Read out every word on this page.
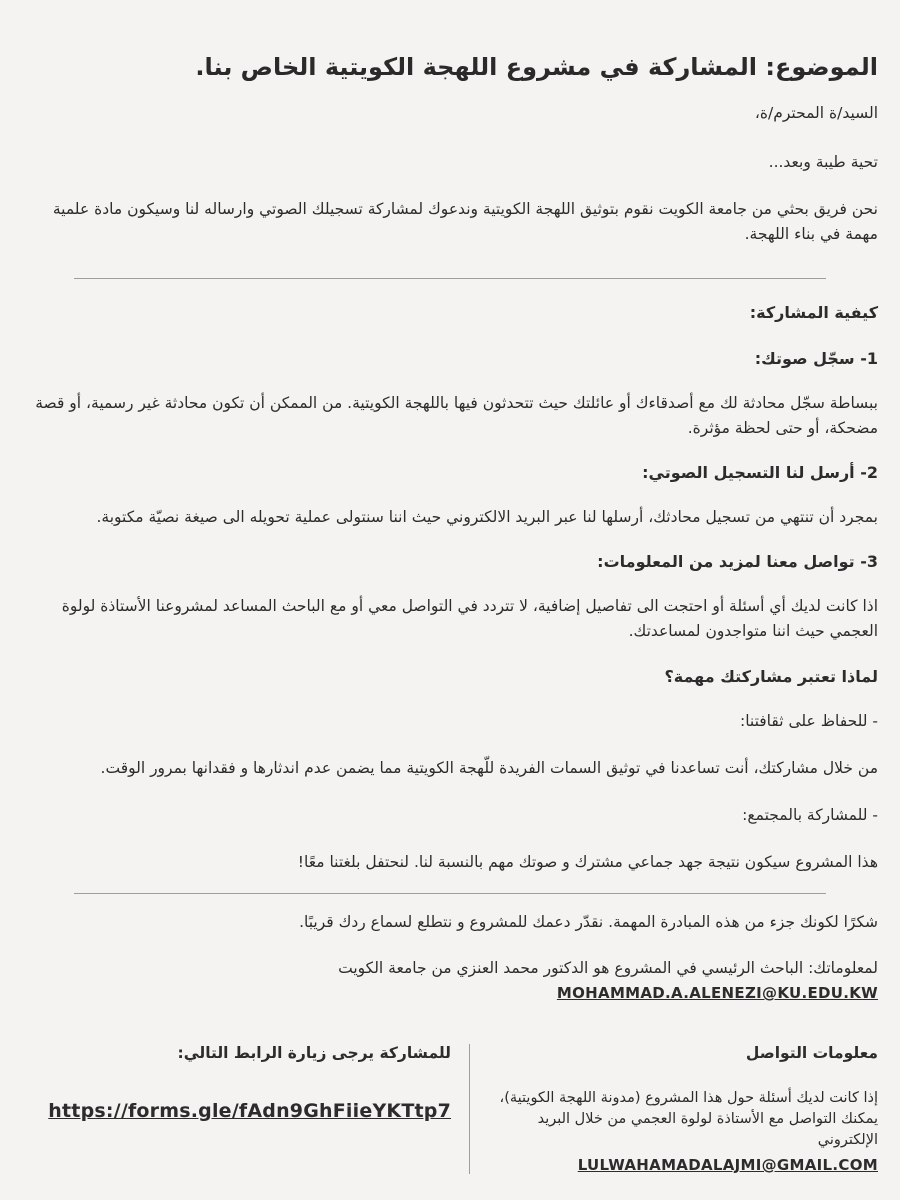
الموضوع: المشاركة في مشروع اللهجة الكويتية الخاص بنا.

السيد/ة المحترم/ة،

تحية طيبة وبعد...

نحن فريق بحثي من جامعة الكويت نقوم بتوثيق اللهجة الكويتية وندعوك لمشاركة تسجيلك الصوتي وارساله لنا وسيكون مادة علمية مهمة في بناء اللهجة.

كيفية المشاركة:

1- سجّل صوتك:

ببساطة سجّل محادثة لك مع أصدقاءك أو عائلتك حيث تتحدثون فيها باللهجة الكويتية. من الممكن أن تكون محادثة غير رسمية، أو قصة مضحكة، أو حتى لحظة مؤثرة.

2- أرسل لنا التسجيل الصوتي:

بمجرد أن تنتهي من تسجيل محادثك، أرسلها لنا عبر البريد الالكتروني حيث اننا سنتولى عملية تحويله الى صيغة نصيّة مكتوبة.

3- تواصل معنا لمزيد من المعلومات:

اذا كانت لديك أي أسئلة أو احتجت الى تفاصيل إضافية، لا تتردد في التواصل معي أو مع الباحث المساعد لمشروعنا الأستاذة لولوة العجمي حيث اننا متواجدون لمساعدتك.

لماذا تعتبر مشاركتك مهمة؟

- للحفاظ على ثقافتنا:

من خلال مشاركتك، أنت تساعدنا في توثيق السمات الفريدة للّهجة الكويتية مما يضمن عدم اندثارها و فقدانها بمرور الوقت.

- للمشاركة بالمجتمع:

هذا المشروع سيكون نتيجة جهد جماعي مشترك و صوتك مهم بالنسبة لنا. لنحتفل بلغتنا معًا!

شكرًا لكونك جزء من هذه المبادرة المهمة. نقدّر دعمك للمشروع و نتطلع لسماع ردك قريبًا.

لمعلوماتك: الباحث الرئيسي في المشروع هو الدكتور محمد العنزي من جامعة الكويت

MOHAMMAD.A.ALENEZI@KU.EDU.KW

معلومات التواصل
إذا كانت لديك أسئلة حول هذا المشروع (مدونة اللهجة الكويتية)، يمكنك التواصل مع الأستاذة لولوة العجمي من خلال البريد الإلكتروني
LULWAHAMADALAJMI@GMAIL.COM
للمشاركة يرجى زيارة الرابط التالي:
https://forms.gle/fAdn9GhFiieYKTtp7
